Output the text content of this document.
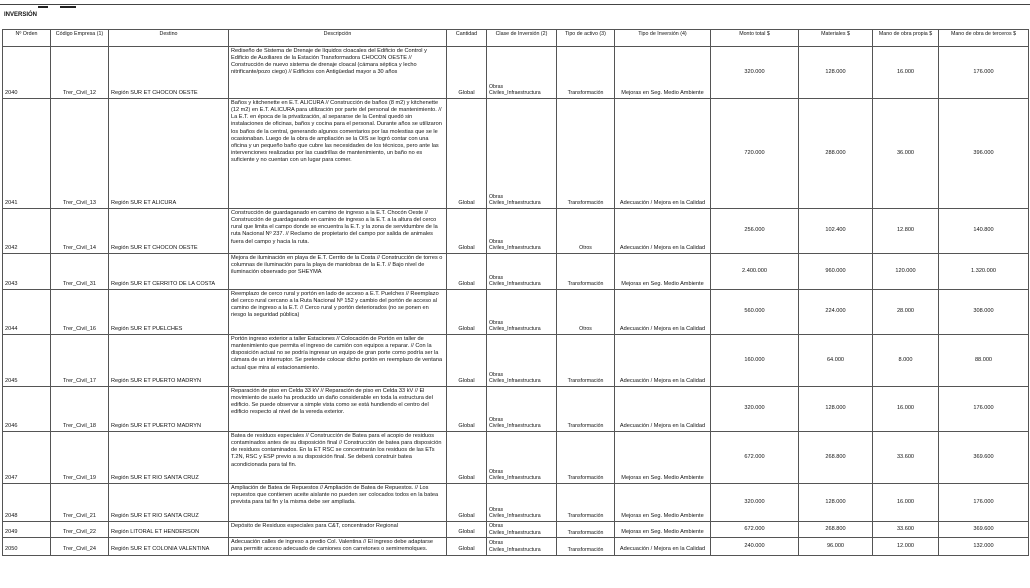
INVERSIÓN
Nº Orden	Código Empresa (1)	Destino	Descripción	Cantidad	Clase de Inversión (2)	Tipo de activo (3)	Tipo de Inversión (4)	Monto total $	Materiales $	Mano de obra propia $	Mano de obra de terceros $
2040	Trer_Civil_12	Región SUR ET CHOCON OESTE	Rediseño de Sistema de Drenaje de líquidos cloacales del Edificio de Control y Edificio de Auxiliares de la Estación Transformadora CHOCON OESTE // Construcción de nuevo sistema de drenaje cloacal (cámara séptica y lecho nitrificante/pozo ciego) // Edificios con Antigüedad mayor a 30 años	Global	Obras Civiles_Infraestructura	Transformación	Mejoras en Seg. Medio Ambiente	320.000	128.000	16.000	176.000
2041	Trer_Civil_13	Región SUR ET ALICURA	Baños y kitchenette en E.T. ALICURA // Construcción de baños (8 m2) y kitchenette (12 m2) en E.T. ALICURA para utilización por parte del personal de mantenimiento. // La E.T. en época de la privatización, al separarse de la Central quedó sin instalaciones de oficinas, baños y cocina para el personal. Durante años se utilizaron los baños de la central, generando algunos comentarios por las molestias que se le ocasionaban. Luego de la obra de ampliación se la OIS se logró contar con una oficina y un pequeño baño que cubre las necesidades de los técnicos, pero ante las intervenciones realizadas por las cuadrillas de mantenimiento, un baño no es suficiente y no cuentan con un lugar para comer.	Global	Obras Civiles_Infraestructura	Transformación	Adecuación / Mejora en la Calidad	720.000	288.000	36.000	396.000
2042	Trer_Civil_14	Región SUR ET CHOCON OESTE	Construcción de guardaganado en camino de ingreso a la E.T. Chocón Oeste // Construcción de guardaganado en camino de ingreso a la E.T. a la altura del cerco rural que limita el campo donde se encuentra la E.T. y la zona de servidumbre de la ruta Nacional Nº 237. // Reclamo de propietario del campo por salida de animales fuera del campo y hacia la ruta.	Global	Obras Civiles_Infraestructura	Otros	Adecuación / Mejora en la Calidad	256.000	102.400	12.800	140.800
2043	Trer_Civil_31	Región SUR ET CERRITO DE LA COSTA	Mejora de iluminación en playa de E.T. Cerrito de la Costa // Construcción de torres o columnas de iluminación para la playa de maniobras de la E.T. // Bajo nivel de iluminación observado por SHEYMA	Global	Obras Civiles_Infraestructura	Transformación	Mejoras en Seg. Medio Ambiente	2.400.000	960.000	120.000	1.320.000
2044	Trer_Civil_16	Región SUR ET PUELCHES	Reemplazo de cerco rural y portón en lado de acceso a E.T. Puelches // Reemplazo del cerco rural cercano a la Ruta Nacional Nº 152 y cambio del portón de acceso al camino de ingreso a la E.T. // Cerco rural y portón deteriorados (no se ponen en riesgo la seguridad pública)	Global	Obras Civiles_Infraestructura	Otros	Adecuación / Mejora en la Calidad	560.000	224.000	28.000	308.000
2045	Trer_Civil_17	Región SUR ET PUERTO MADRYN	Portón ingreso exterior a taller Estaciones // Colocación de Portón en taller de mantenimiento que permita el ingreso de camión con equipos a reparar. // Con la disposición actual no se podría ingresar un equipo de gran porte como podría ser la cámara de un interruptor. Se pretende colocar dicho portón en reemplazo de ventana actual que mira al estacionamiento.	Global	Obras Civiles_Infraestructura	Transformación	Adecuación / Mejora en la Calidad	160.000	64.000	8.000	88.000
2046	Trer_Civil_18	Región SUR ET PUERTO MADRYN	Reparación de piso en Celda 33 kV // Reparación de piso en Celda 33 kV // El movimiento de suelo ha producido un daño considerable en toda la estructura del edificio. Se puede observar a simple vista como se está hundiendo el centro del edificio respecto al nivel de la vereda exterior.	Global	Obras Civiles_Infraestructura	Transformación	Adecuación / Mejora en la Calidad	320.000	128.000	16.000	176.000
2047	Trer_Civil_19	Región SUR ET RIO SANTA CRUZ	Batea de residuos especiales // Construcción de Batea para el acopio de residuos contaminados antes de su disposición final // Construcción de batea para disposición de residuos contaminados. En la ET RSC se concentrarán los residuos de las ETs T.2N, RSC y ESP previo a su disposición final. Se deberá construir batea acondicionada para tal fin.	Global	Obras Civiles_Infraestructura	Transformación	Mejoras en Seg. Medio Ambiente	672.000	268.800	33.600	369.600
2048	Trer_Civil_21	Región SUR ET RIO SANTA CRUZ	Ampliación de Batea de Repuestos // Ampliación de Batea de Repuestos. // Los repuestos que contienen aceite aislante no pueden ser colocados todos en la batea prevista para tal fin y la misma debe ser ampliada.	Global	Obras Civiles_Infraestructura	Transformación	Mejoras en Seg. Medio Ambiente	320.000	128.000	16.000	176.000
2049	Trer_Civil_22	Región LITORAL ET HENDERSON	Depósito de Residuos especiales para C&T, concentrador Regional	Global	Obras Civiles_Infraestructura	Transformación	Mejoras en Seg. Medio Ambiente	672.000	268.800	33.600	369.600
2050	Trer_Civil_24	Región SUR ET COLONIA VALENTINA	Adecuación calles de ingreso a predio Col. Valentina // El ingreso debe adaptarse para permitir acceso adecuado de camiones con carretones o semirremolques.	Global	Obras Civiles_Infraestructura	Transformación	Adecuación / Mejora en la Calidad	240.000	96.000	12.000	132.000
